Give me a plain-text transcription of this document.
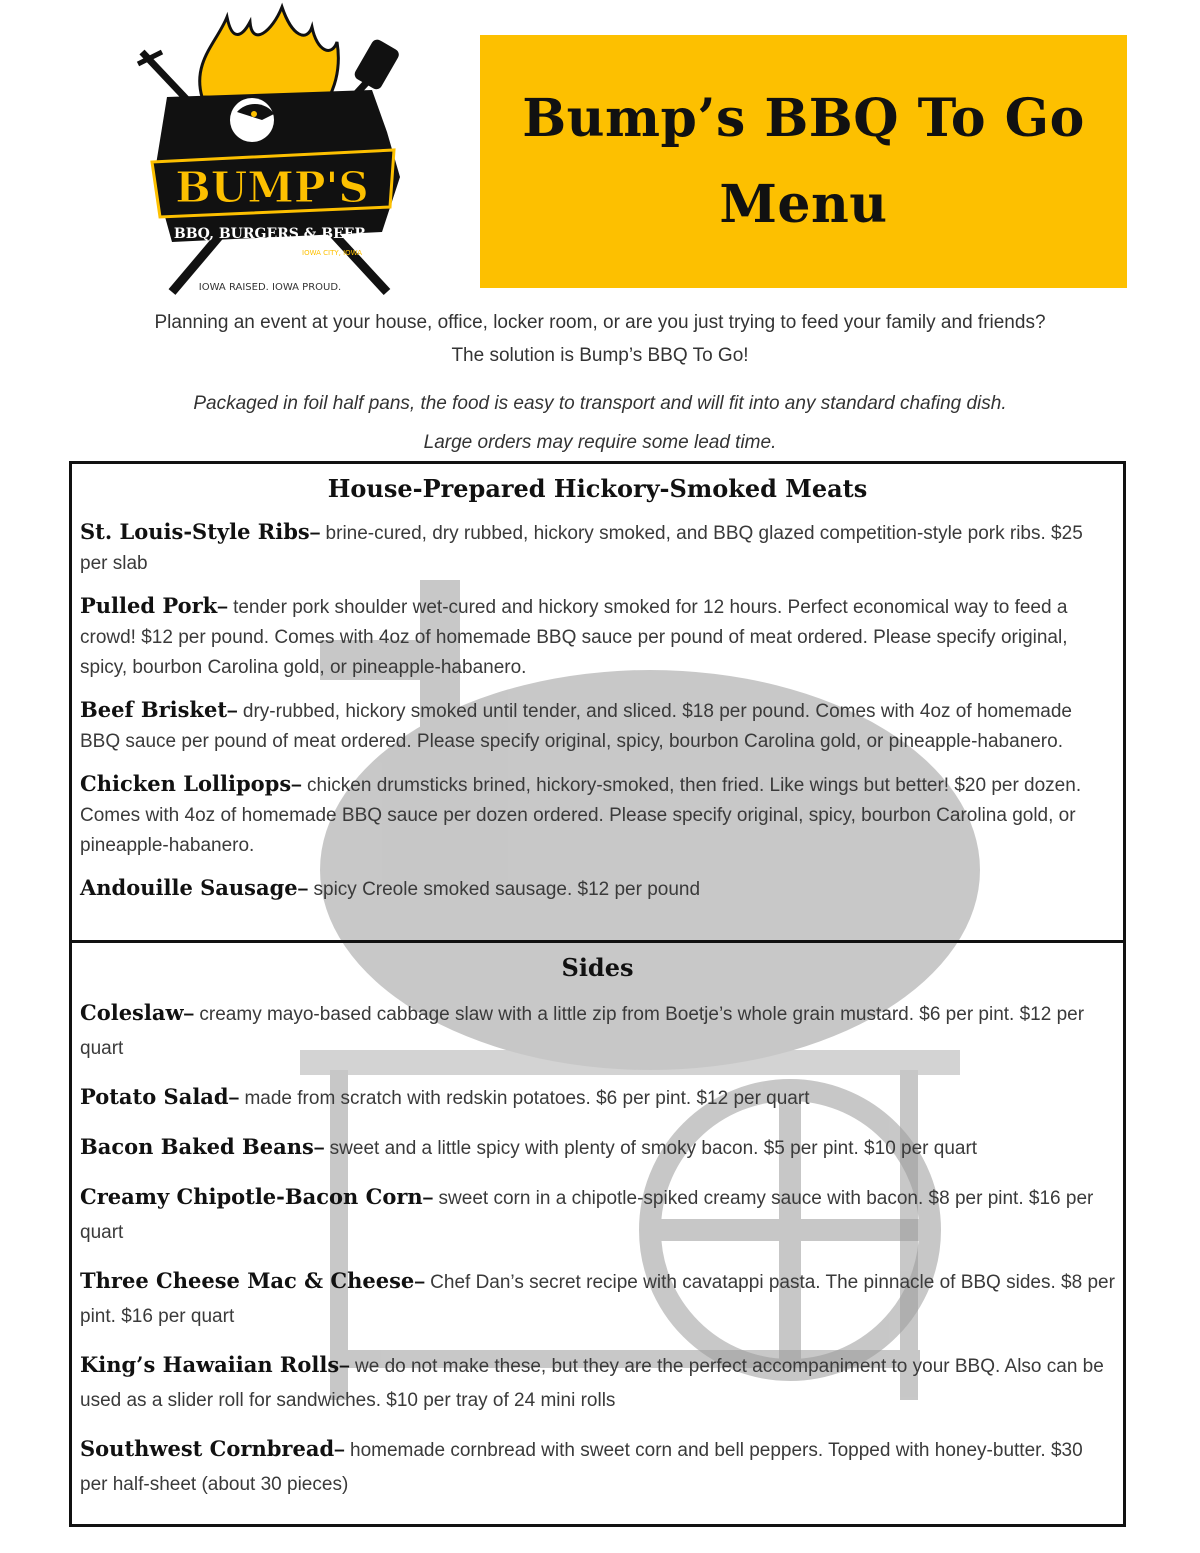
BUMP'S
BBQ, BURGERS & BEER
IOWA CITY, IOWA
IOWA RAISED. IOWA PROUD.
Bump’s BBQ To Go
Menu
Planning an event at your house, office, locker room, or are you just trying to feed your family and friends?
The solution is Bump’s BBQ To Go!
Packaged in foil half pans, the food is easy to transport and will fit into any standard chafing dish.
Large orders may require some lead time.
House-Prepared Hickory-Smoked Meats
St. Louis-Style Ribs– brine-cured, dry rubbed, hickory smoked, and BBQ glazed competition-style pork ribs. $25 per slab
Pulled Pork– tender pork shoulder wet-cured and hickory smoked for 12 hours. Perfect economical way to feed a crowd! $12 per pound. Comes with 4oz of homemade BBQ sauce per pound of meat ordered. Please specify original, spicy, bourbon Carolina gold, or pineapple-habanero.
Beef Brisket– dry-rubbed, hickory smoked until tender, and sliced. $18 per pound. Comes with 4oz of homemade BBQ sauce per pound of meat ordered. Please specify original, spicy, bourbon Carolina gold, or pineapple-habanero.
Chicken Lollipops– chicken drumsticks brined, hickory-smoked, then fried. Like wings but better! $20 per dozen. Comes with 4oz of homemade BBQ sauce per dozen ordered. Please specify original, spicy, bourbon Carolina gold, or pineapple-habanero.
Andouille Sausage– spicy Creole smoked sausage. $12 per pound
Sides
Coleslaw– creamy mayo-based cabbage slaw with a little zip from Boetje’s whole grain mustard. $6 per pint. $12 per quart
Potato Salad– made from scratch with redskin potatoes. $6 per pint. $12 per quart
Bacon Baked Beans– sweet and a little spicy with plenty of smoky bacon. $5 per pint. $10 per quart
Creamy Chipotle-Bacon Corn– sweet corn in a chipotle-spiked creamy sauce with bacon. $8 per pint. $16 per quart
Three Cheese Mac & Cheese– Chef Dan’s secret recipe with cavatappi pasta. The pinnacle of BBQ sides. $8 per pint. $16 per quart
King’s Hawaiian Rolls– we do not make these, but they are the perfect accompaniment to your BBQ. Also can be used as a slider roll for sandwiches. $10 per tray of 24 mini rolls
Southwest Cornbread– homemade cornbread with sweet corn and bell peppers. Topped with honey-butter. $30 per half-sheet (about 30 pieces)
